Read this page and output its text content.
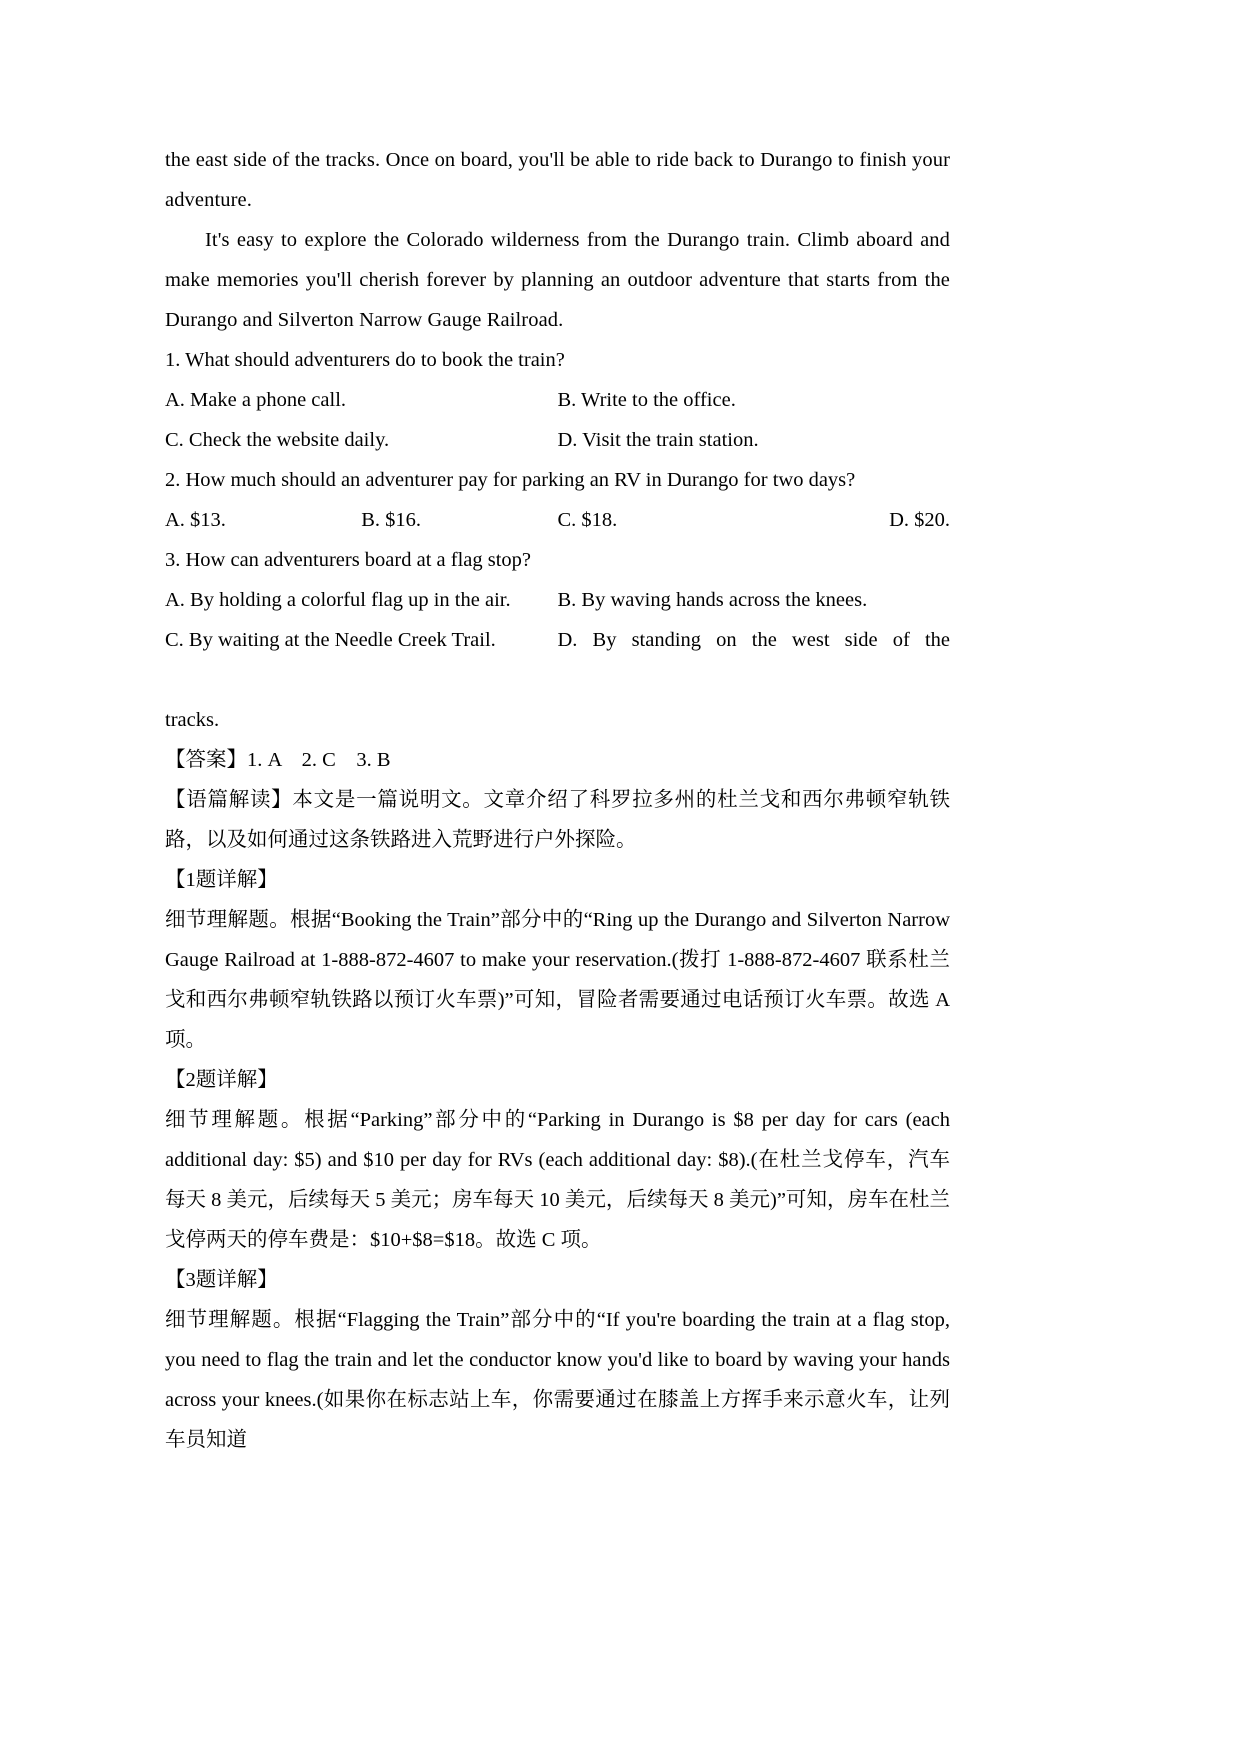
the east side of the tracks. Once on board, you'll be able to ride back to Durango to finish your adventure.

It's easy to explore the Colorado wilderness from the Durango train. Climb aboard and make memories you'll cherish forever by planning an outdoor adventure that starts from the Durango and Silverton Narrow Gauge Railroad.

1. What should adventurers do to book the train?

A. Make a phone call.	B. Write to the office.
C. Check the website daily.	D. Visit the train station.

2. How much should an adventurer pay for parking an RV in Durango for two days?

A. $13.	B. $16.	C. $18.	D. $20.

3. How can adventurers board at a flag stop?

A. By holding a colorful flag up in the air.	B. By waving hands across the knees.
C. By waiting at the Needle Creek Trail.	D. By standing on the west side of the

tracks.

【答案】1. A　2. C　3. B

【语篇解读】本文是一篇说明文。文章介绍了科罗拉多州的杜兰戈和西尔弗顿窄轨铁路，以及如何通过这条铁路进入荒野进行户外探险。

【1题详解】

细节理解题。根据“Booking the Train”部分中的“Ring up the Durango and Silverton Narrow Gauge Railroad at 1-888-872-4607 to make your reservation.(拨打 1-888-872-4607 联系杜兰戈和西尔弗顿窄轨铁路以预订火车票)”可知，冒险者需要通过电话预订火车票。故选 A 项。

【2题详解】

细节理解题。根据“Parking”部分中的“Parking in Durango is $8 per day for cars (each additional day: $5) and $10 per day for RVs (each additional day: $8).(在杜兰戈停车，汽车每天 8 美元，后续每天 5 美元；房车每天 10 美元，后续每天 8 美元)”可知，房车在杜兰戈停两天的停车费是：$10+$8=$18。故选 C 项。

【3题详解】

细节理解题。根据“Flagging the Train”部分中的“If you're boarding the train at a flag stop, you need to flag the train and let the conductor know you'd like to board by waving your hands across your knees.(如果你在标志站上车，你需要通过在膝盖上方挥手来示意火车，让列车员知道
